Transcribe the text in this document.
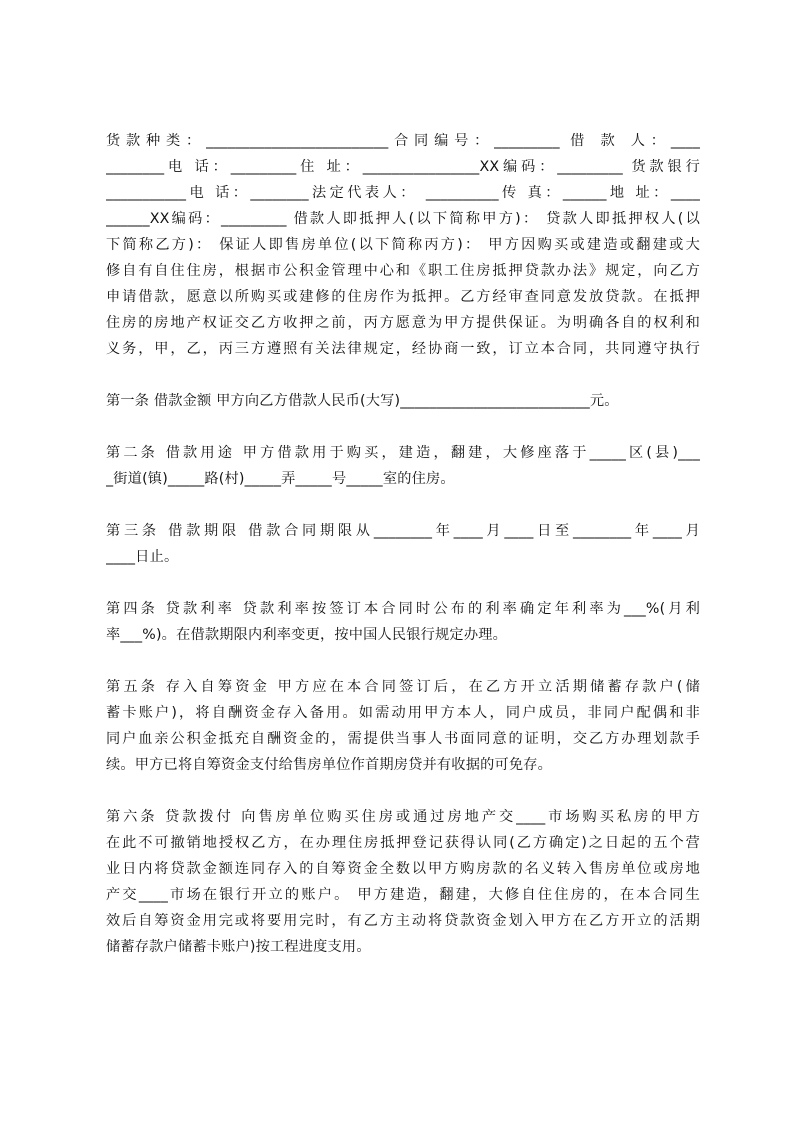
货款种类：_________________________合同编号：_________ 借 款 人：____
________电 话：_________住 址：________________XX编码：_________ 货款银行
___________电 话：________法定代表人： __________传 真：______地 址：____
______XX编码：_________ 借款人即抵押人(以下简称甲方)： 贷款人即抵押权人(以
下简称乙方)： 保证人即售房单位(以下简称丙方)： 甲方因购买或建造或翻建或大
修自有自住住房，根据市公积金管理中心和《职工住房抵押贷款办法》规定，向乙方
申请借款，愿意以所购买或建修的住房作为抵押。乙方经审查同意发放贷款。在抵押
住房的房地产权证交乙方收押之前，丙方愿意为甲方提供保证。为明确各自的权利和
义务，甲，乙，丙三方遵照有关法律规定，经协商一致，订立本合同，共同遵守执行
第一条 借款金额 甲方向乙方借款人民币(大写)__________________________元。
第二条 借款用途 甲方借款用于购买，建造，翻建，大修座落于_____区(县)___
_街道(镇)_____路(村)_____弄_____号_____室的住房。
第三条 借款期限 借款合同期限从________年____月____日至________年____月
____日止。
第四条 贷款利率 贷款利率按签订本合同时公布的利率确定年利率为___%(月利
率___%)。在借款期限内利率变更，按中国人民银行规定办理。
第五条 存入自筹资金 甲方应在本合同签订后，在乙方开立活期储蓄存款户(储
蓄卡账户)，将自酬资金存入备用。如需动用甲方本人，同户成员，非同户配偶和非
同户血亲公积金抵充自酬资金的，需提供当事人书面同意的证明，交乙方办理划款手
续。甲方已将自筹资金支付给售房单位作首期房贷并有收据的可免存。
第六条 贷款拨付 向售房单位购买住房或通过房地产交____市场购买私房的甲方
在此不可撤销地授权乙方，在办理住房抵押登记获得认同(乙方确定)之日起的五个营
业日内将贷款金额连同存入的自筹资金全数以甲方购房款的名义转入售房单位或房地
产交____市场在银行开立的账户。 甲方建造，翻建，大修自住住房的，在本合同生
效后自筹资金用完或将要用完时，有乙方主动将贷款资金划入甲方在乙方开立的活期
储蓄存款户储蓄卡账户)按工程进度支用。
